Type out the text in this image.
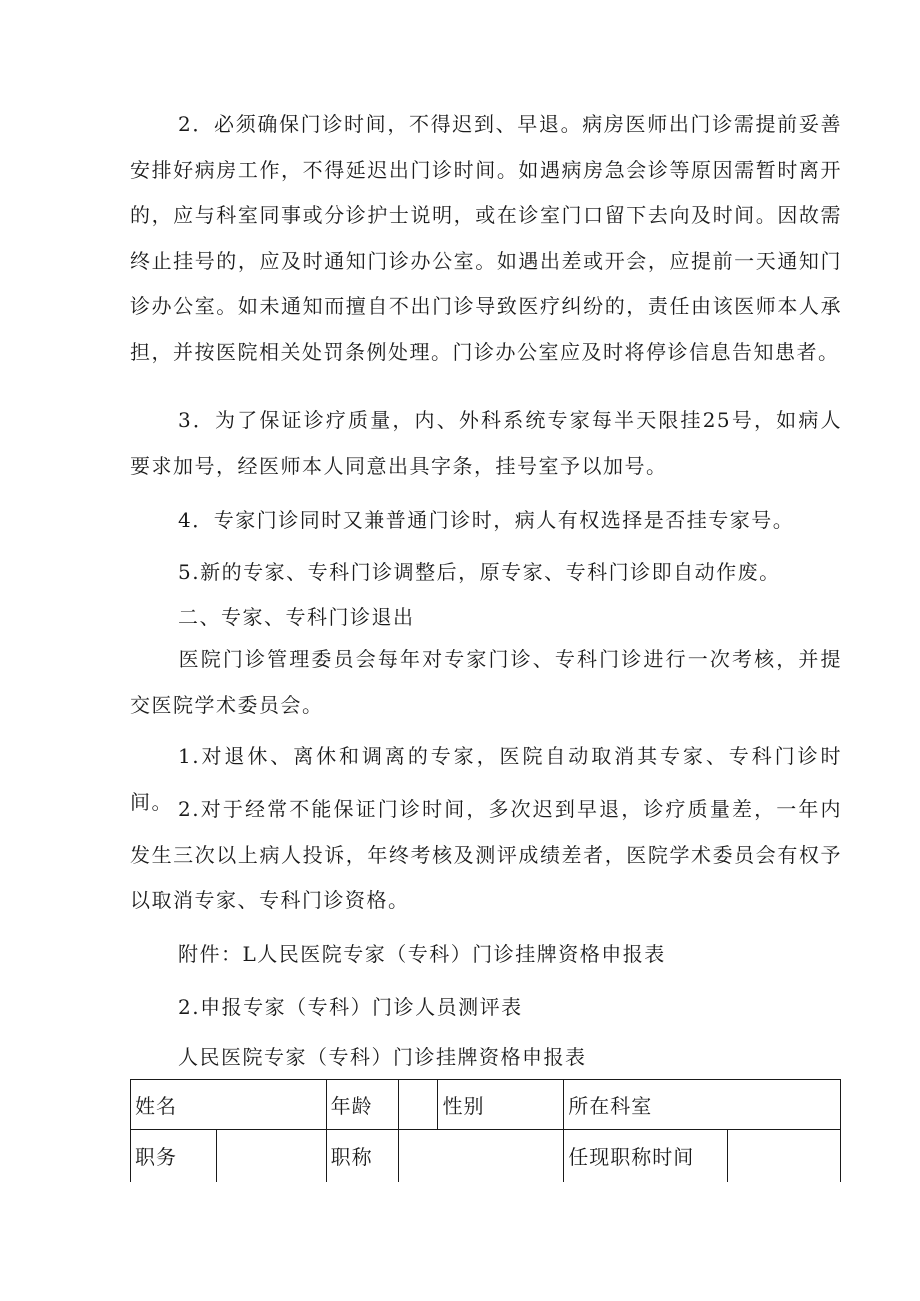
2．必须确保门诊时间，不得迟到、早退。病房医师出门诊需提前妥善安排好病房工作，不得延迟出门诊时间。如遇病房急会诊等原因需暂时离开的，应与科室同事或分诊护士说明，或在诊室门口留下去向及时间。因故需终止挂号的，应及时通知门诊办公室。如遇出差或开会，应提前一天通知门诊办公室。如未通知而擅自不出门诊导致医疗纠纷的，责任由该医师本人承担，并按医院相关处罚条例处理。门诊办公室应及时将停诊信息告知患者。

3．为了保证诊疗质量，内、外科系统专家每半天限挂25号，如病人要求加号，经医师本人同意出具字条，挂号室予以加号。

4．专家门诊同时又兼普通门诊时，病人有权选择是否挂专家号。

5.新的专家、专科门诊调整后，原专家、专科门诊即自动作废。

二、专家、专科门诊退出

医院门诊管理委员会每年对专家门诊、专科门诊进行一次考核，并提交医院学术委员会。

1.对退休、离休和调离的专家，医院自动取消其专家、专科门诊时间。 2.对于经常不能保证门诊时间，多次迟到早退，诊疗质量差，一年内发生三次以上病人投诉，年终考核及测评成绩差者，医院学术委员会有权予以取消专家、专科门诊资格。

附件：L人民医院专家（专科）门诊挂牌资格申报表

2.申报专家（专科）门诊人员测评表

人民医院专家（专科）门诊挂牌资格申报表

姓名		年龄		性别	所在科室	
职务		职称			任现职称时间	
